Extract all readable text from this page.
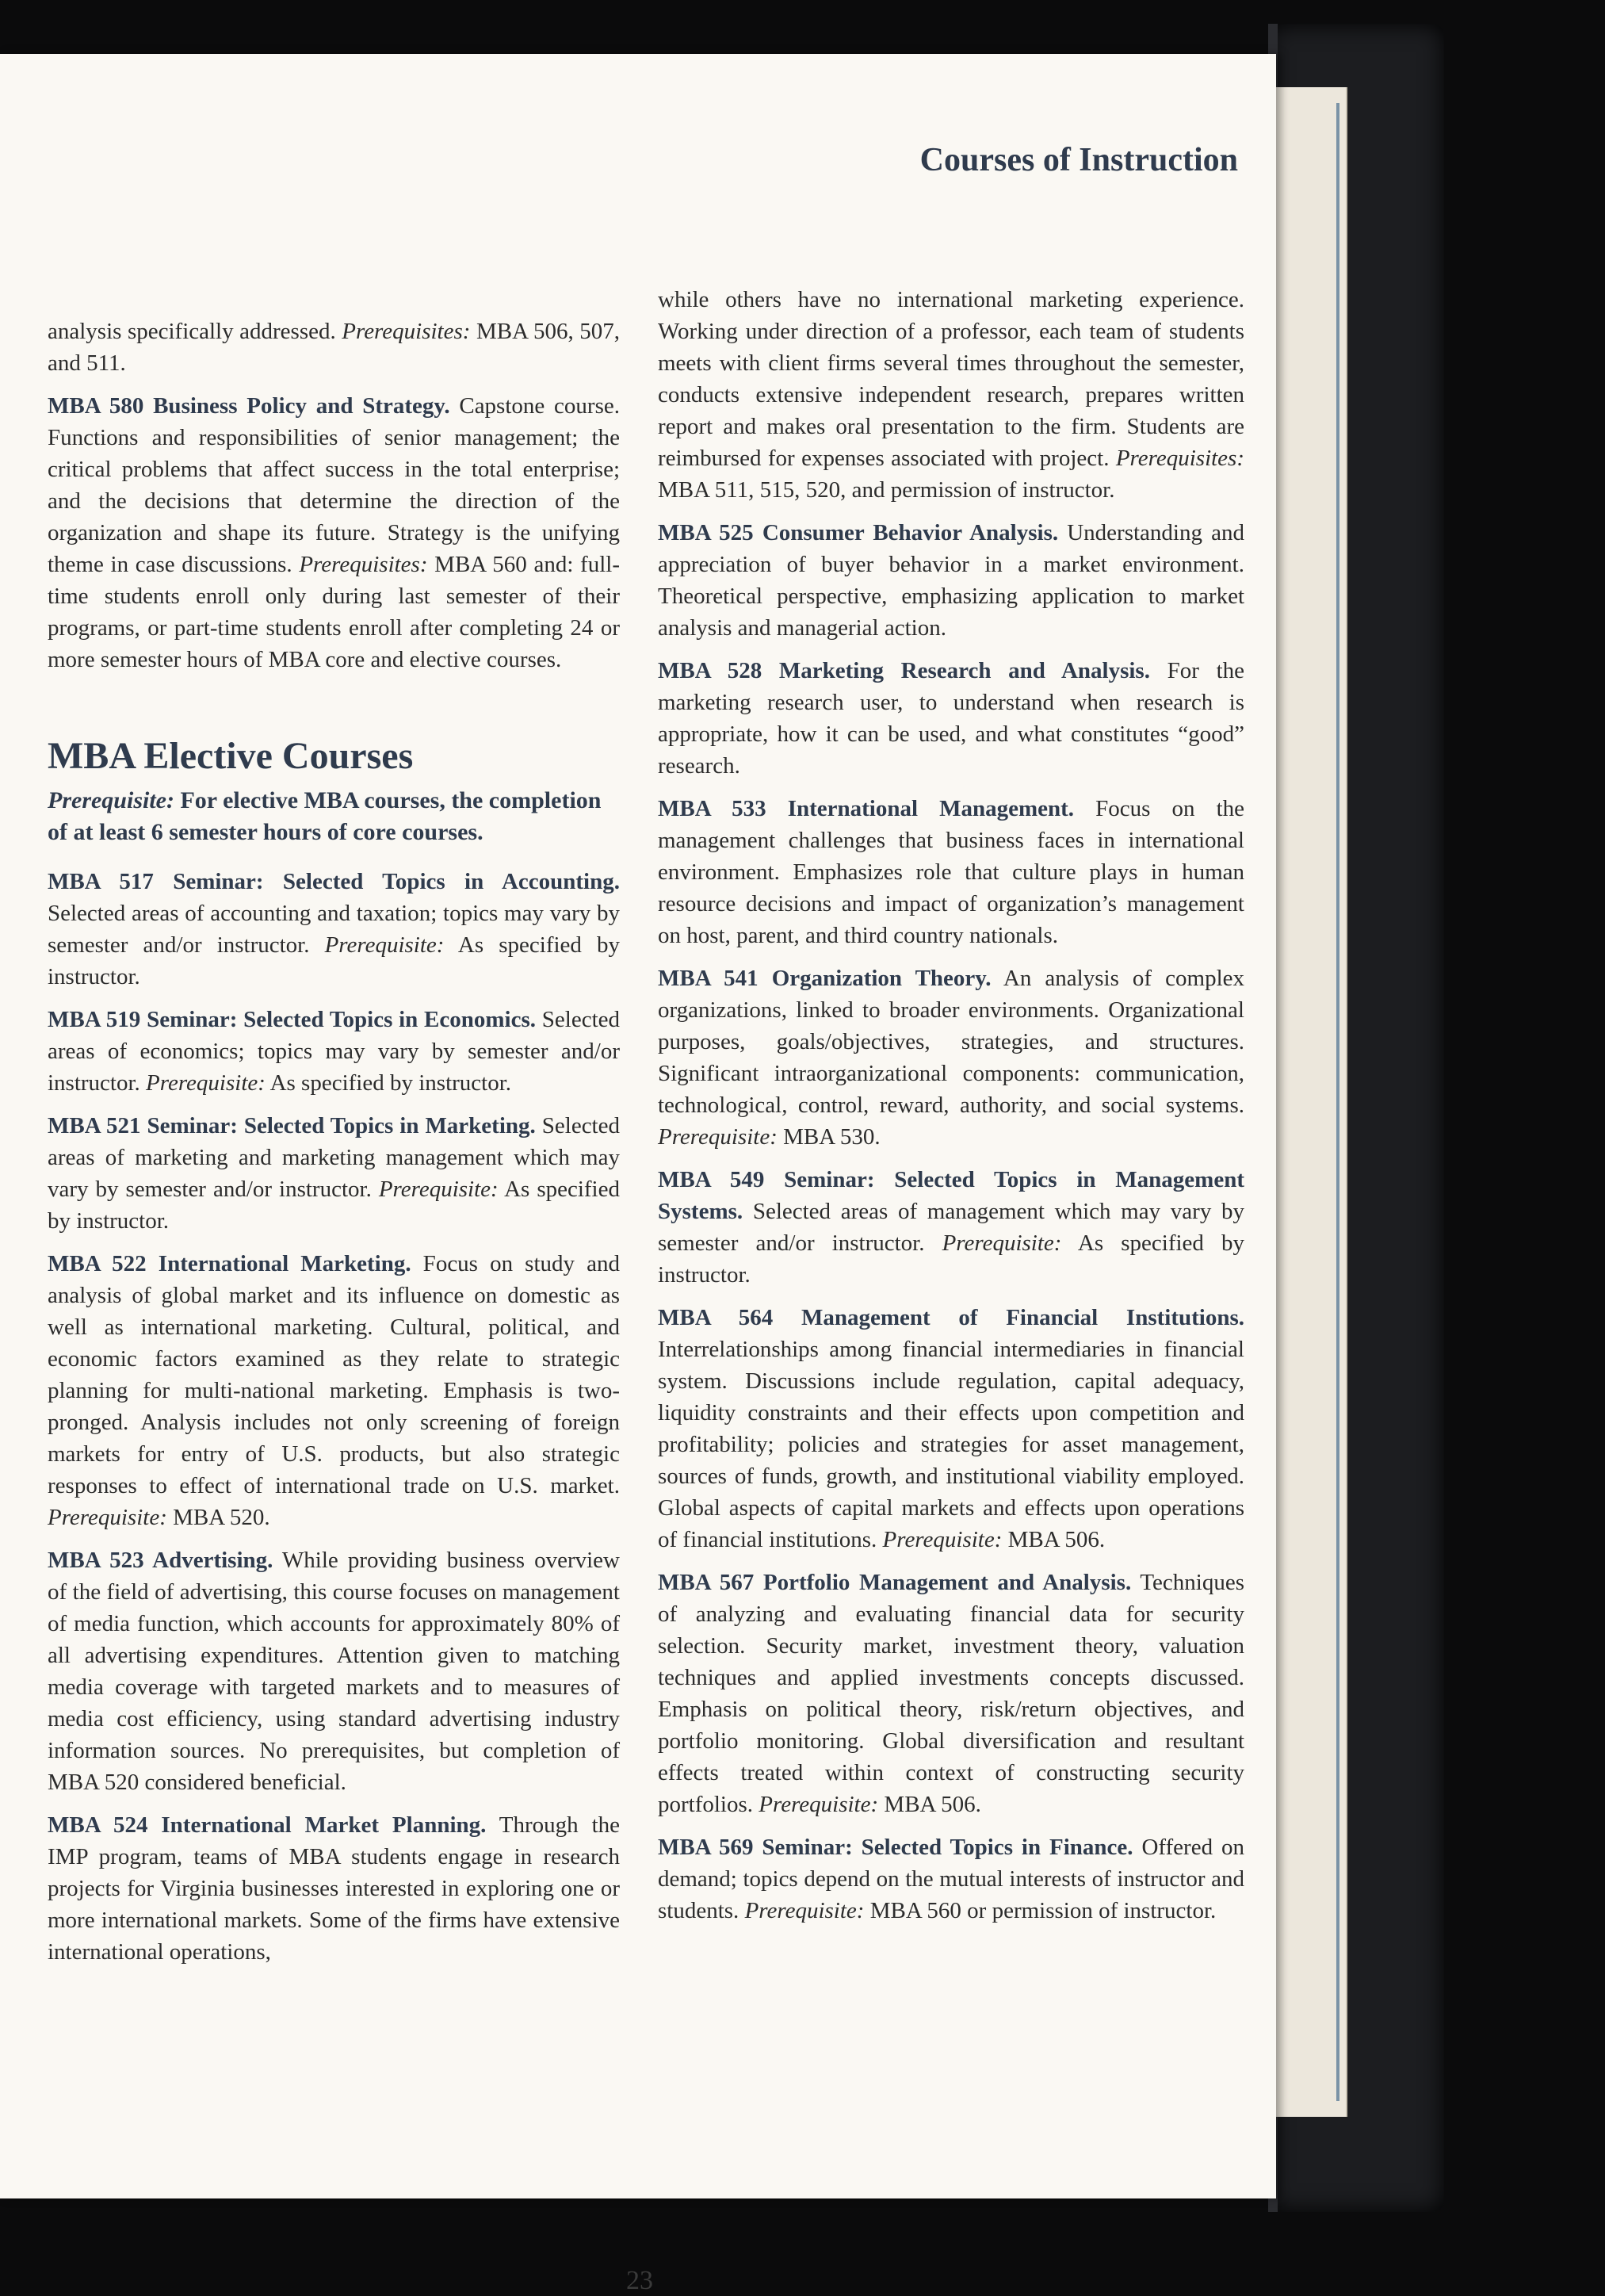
Courses of Instruction

analysis specifically addressed. Prerequisites: MBA 506, 507, and 511.

MBA 580 Business Policy and Strategy. Capstone course. Functions and responsibilities of senior management; the critical problems that affect success in the total enterprise; and the decisions that determine the direction of the organization and shape its future. Strategy is the unifying theme in case discussions. Prerequisites: MBA 560 and: full-time students enroll only during last semester of their programs, or part-time students enroll after completing 24 or more semester hours of MBA core and elective courses.

MBA Elective Courses
Prerequisite: For elective MBA courses, the completion of at least 6 semester hours of core courses.

MBA 517 Seminar: Selected Topics in Accounting. Selected areas of accounting and taxation; topics may vary by semester and/or instructor. Prerequisite: As specified by instructor.

MBA 519 Seminar: Selected Topics in Economics. Selected areas of economics; topics may vary by semester and/or instructor. Prerequisite: As specified by instructor.

MBA 521 Seminar: Selected Topics in Marketing. Selected areas of marketing and marketing management which may vary by semester and/or instructor. Prerequisite: As specified by instructor.

MBA 522 International Marketing. Focus on study and analysis of global market and its influence on domestic as well as international marketing. Cultural, political, and economic factors examined as they relate to strategic planning for multi-national marketing. Emphasis is two-pronged. Analysis includes not only screening of foreign markets for entry of U.S. products, but also strategic responses to effect of international trade on U.S. market. Prerequisite: MBA 520.

MBA 523 Advertising. While providing business overview of the field of advertising, this course focuses on management of media function, which accounts for approximately 80% of all advertising expenditures. Attention given to matching media coverage with targeted markets and to measures of media cost efficiency, using standard advertising industry information sources. No prerequisites, but completion of MBA 520 considered beneficial.

MBA 524 International Market Planning. Through the IMP program, teams of MBA students engage in research projects for Virginia businesses interested in exploring one or more international markets. Some of the firms have extensive international operations,

while others have no international marketing experience. Working under direction of a professor, each team of students meets with client firms several times throughout the semester, conducts extensive independent research, prepares written report and makes oral presentation to the firm. Students are reimbursed for expenses associated with project. Prerequisites: MBA 511, 515, 520, and permission of instructor.

MBA 525 Consumer Behavior Analysis. Understanding and appreciation of buyer behavior in a market environment. Theoretical perspective, emphasizing application to market analysis and managerial action.

MBA 528 Marketing Research and Analysis. For the marketing research user, to understand when research is appropriate, how it can be used, and what constitutes “good” research.

MBA 533 International Management. Focus on the management challenges that business faces in international environment. Emphasizes role that culture plays in human resource decisions and impact of organization’s management on host, parent, and third country nationals.

MBA 541 Organization Theory. An analysis of complex organizations, linked to broader environments. Organizational purposes, goals/objectives, strategies, and structures. Significant intraorganizational components: communication, technological, control, reward, authority, and social systems. Prerequisite: MBA 530.

MBA 549 Seminar: Selected Topics in Management Systems. Selected areas of management which may vary by semester and/or instructor. Prerequisite: As specified by instructor.

MBA 564 Management of Financial Institutions. Interrelationships among financial intermediaries in financial system. Discussions include regulation, capital adequacy, liquidity constraints and their effects upon competition and profitability; policies and strategies for asset management, sources of funds, growth, and institutional viability employed. Global aspects of capital markets and effects upon operations of financial institutions. Prerequisite: MBA 506.

MBA 567 Portfolio Management and Analysis. Techniques of analyzing and evaluating financial data for security selection. Security market, investment theory, valuation techniques and applied investments concepts discussed. Emphasis on political theory, risk/return objectives, and portfolio monitoring. Global diversification and resultant effects treated within context of constructing security portfolios. Prerequisite: MBA 506.

MBA 569 Seminar: Selected Topics in Finance. Offered on demand; topics depend on the mutual interests of instructor and students. Prerequisite: MBA 560 or permission of instructor.

23
